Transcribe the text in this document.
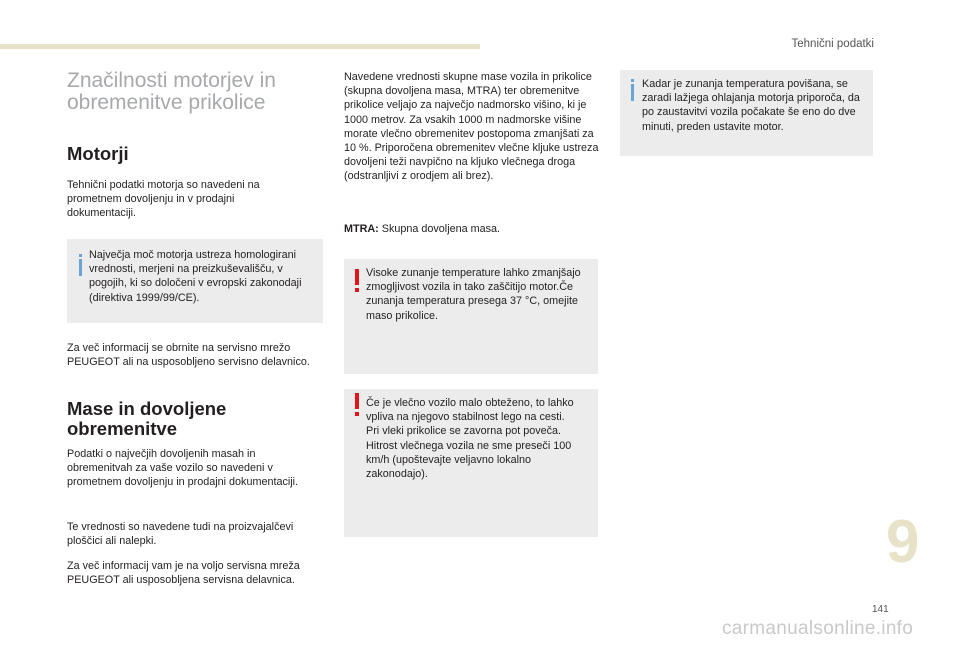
Tehnični podatki
Značilnosti motorjev in obremenitve prikolice
Motorji

Tehnični podatki motorja so navedeni na prometnem dovoljenju in v prodajni dokumentaciji.

Največja moč motorja ustreza homologirani vrednosti, merjeni na preizkuševališču, v pogojih, ki so določeni v evropski zakonodaji (direktiva 1999/99/CE).

Za več informacij se obrnite na servisno mrežo PEUGEOT ali na usposobljeno servisno delavnico.

Mase in dovoljene obremenitve

Podatki o največjih dovoljenih masah in obremenitvah za vaše vozilo so navedeni v prometnem dovoljenju in prodajni dokumentaciji.

Te vrednosti so navedene tudi na proizvajalčevi ploščici ali nalepki.

Za več informacij vam je na voljo servisna mreža PEUGEOT ali usposobljena servisna delavnica.

Navedene vrednosti skupne mase vozila in prikolice (skupna dovoljena masa, MTRA) ter obremenitve prikolice veljajo za največjo nadmorsko višino, ki je 1000 metrov. Za vsakih 1000 m nadmorske višine morate vlečno obremenitev postopoma zmanjšati za 10 %. Priporočena obremenitev vlečne kljuke ustreza dovoljeni teži navpično na kljuko vlečnega droga (odstranljivi z orodjem ali brez).

MTRA: Skupna dovoljena masa.

Visoke zunanje temperature lahko zmanjšajo zmogljivost vozila in tako zaščitijo motor.Če zunanja temperatura presega 37 °C, omejite maso prikolice.

Če je vlečno vozilo malo obteženo, to lahko vpliva na njegovo stabilnost lego na cesti.
Pri vleki prikolice se zavorna pot poveča. Hitrost vlečnega vozila ne sme preseči 100 km/h (upoštevajte veljavno lokalno zakonodajo).

Kadar je zunanja temperatura povišana, se zaradi lažjega ohlajanja motorja priporoča, da po zaustavitvi vozila počakate še eno do dve minuti, preden ustavite motor.

9
141
carmanualsonline.info
